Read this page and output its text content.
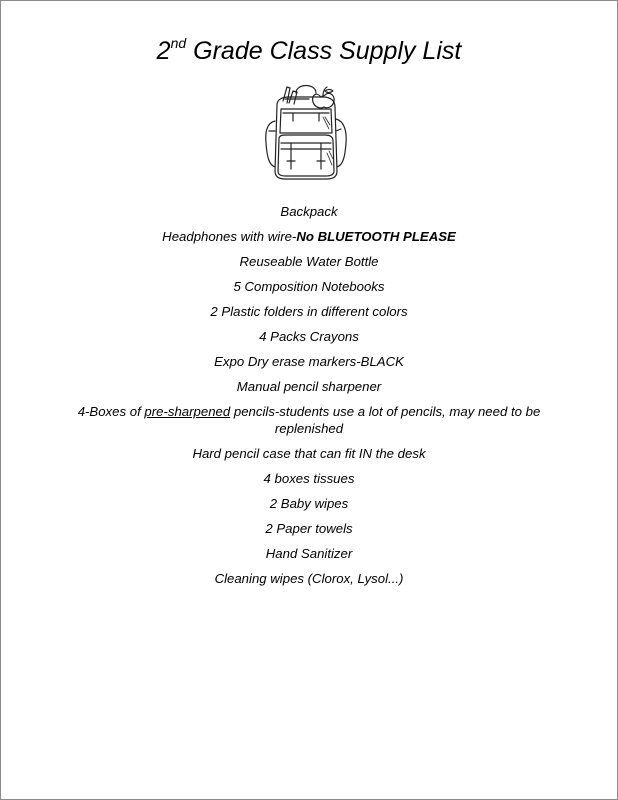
2nd Grade Class Supply List

Backpack

Headphones with wire-No BLUETOOTH PLEASE

Reuseable Water Bottle

5 Composition Notebooks

2 Plastic folders in different colors

4 Packs Crayons

Expo Dry erase markers-BLACK

Manual pencil sharpener

4-Boxes of pre-sharpened pencils-students use a lot of pencils, may need to be
replenished

Hard pencil case that can fit IN the desk

4 boxes tissues

2 Baby wipes

2 Paper towels

Hand Sanitizer

Cleaning wipes (Clorox, Lysol...)
